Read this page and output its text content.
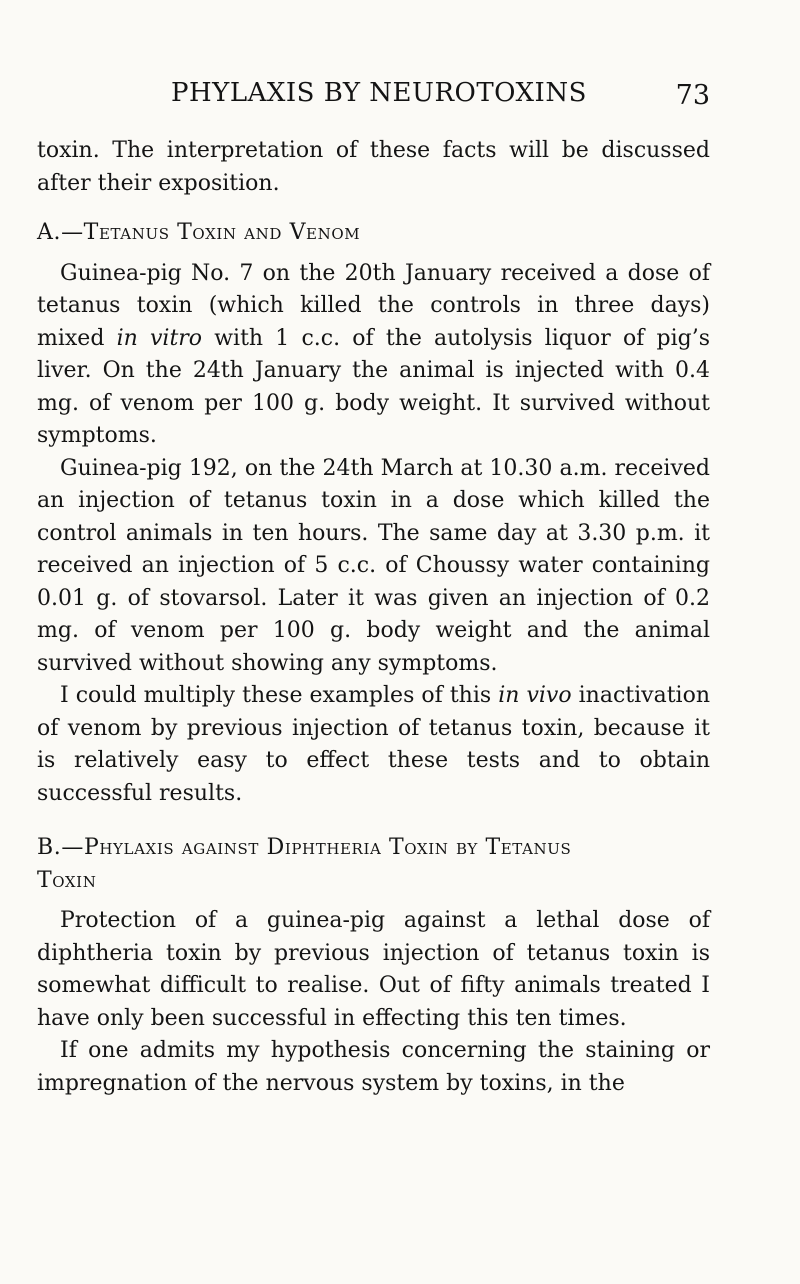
PHYLAXIS BY NEUROTOXINS	73

toxin. The interpretation of these facts will be discussed after their exposition.

A.—Tetanus Toxin and Venom

Guinea-pig No. 7 on the 20th January received a dose of tetanus toxin (which killed the controls in three days) mixed in vitro with 1 c.c. of the autolysis liquor of pig’s liver. On the 24th January the animal is injected with 0.4 mg. of venom per 100 g. body weight. It survived without symptoms.

Guinea-pig 192, on the 24th March at 10.30 a.m. received an injection of tetanus toxin in a dose which killed the control animals in ten hours. The same day at 3.30 p.m. it received an injection of 5 c.c. of Choussy water containing 0.01 g. of stovarsol. Later it was given an injection of 0.2 mg. of venom per 100 g. body weight and the animal survived without showing any symptoms.

I could multiply these examples of this in vivo inactivation of venom by previous injection of tetanus toxin, because it is relatively easy to effect these tests and to obtain successful results.

B.—Phylaxis against Diphtheria Toxin by Tetanus

Toxin

Protection of a guinea-pig against a lethal dose of diphtheria toxin by previous injection of tetanus toxin is somewhat difficult to realise. Out of fifty animals treated I have only been successful in effecting this ten times.

If one admits my hypothesis concerning the staining or impregnation of the nervous system by toxins, in the
